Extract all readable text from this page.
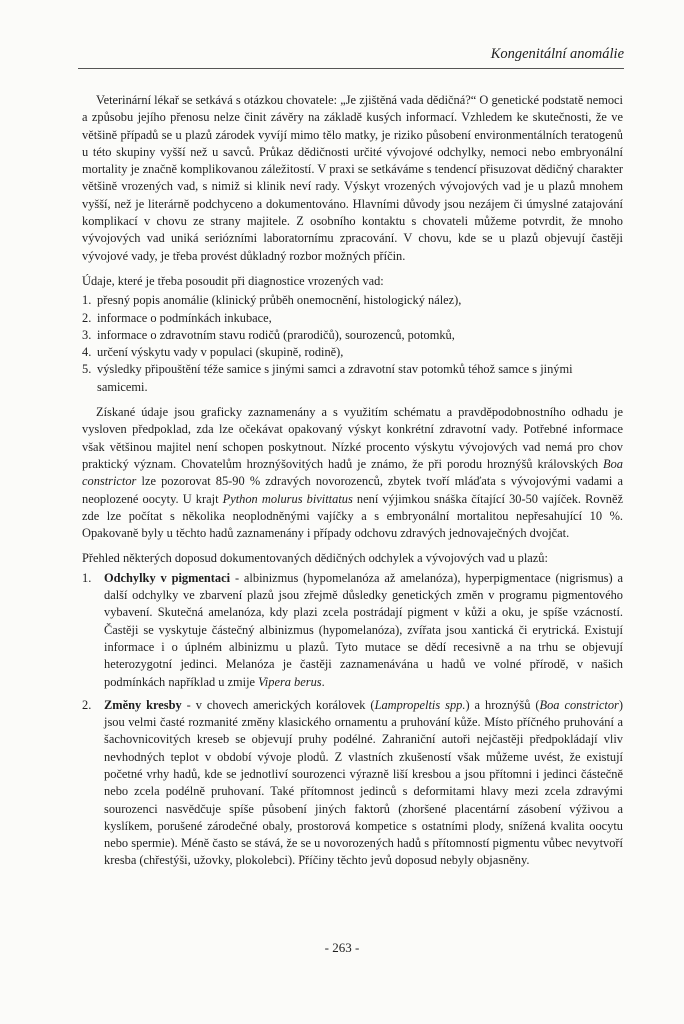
Kongenitální anomálie

Veterinární lékař se setkává s otázkou chovatele: „Je zjištěná vada dědičná?“ O genetické podstatě nemoci a způsobu jejího přenosu nelze činit závěry na základě kusých informací. Vzhledem ke skutečnosti, že ve většině případů se u plazů zárodek vyvíjí mimo tělo matky, je riziko působení environmentálních teratogenů u této skupiny vyšší než u savců. Průkaz dědičnosti určité vývojové odchylky, nemoci nebo embryonální mortality je značně komplikovanou záležitostí. V praxi se setkáváme s tendencí přisuzovat dědičný charakter většině vrozených vad, s nimiž si klinik neví rady. Výskyt vrozených vývojových vad je u plazů mnohem vyšší, než je literárně podchyceno a dokumentováno. Hlavními důvody jsou nezájem či úmyslné zatajování komplikací v chovu ze strany majitele. Z osobního kontaktu s chovateli můžeme potvrdit, že mnoho vývojových vad uniká seriózními laboratornímu zpracování. V chovu, kde se u plazů objevují častěji vývojové vady, je třeba provést důkladný rozbor možných příčin.

Údaje, které je třeba posoudit při diagnostice vrozených vad:

1. přesný popis anomálie (klinický průběh onemocnění, histologický nález),
2. informace o podmínkách inkubace,
3. informace o zdravotním stavu rodičů (prarodičů), sourozenců, potomků,
4. určení výskytu vady v populaci (skupině, rodině),
5. výsledky připouštění téže samice s jinými samci a zdravotní stav potomků téhož samce s jinými samicemi.

Získané údaje jsou graficky zaznamenány a s využitím schématu a pravděpodobnostního odhadu je vysloven předpoklad, zda lze očekávat opakovaný výskyt konkrétní zdravotní vady. Potřebné informace však většinou majitel není schopen poskytnout. Nízké procento výskytu vývojových vad nemá pro chov praktický význam. Chovatelům hroznýšovitých hadů je známo, že při porodu hroznýšů královských Boa constrictor lze pozorovat 85-90 % zdravých novorozenců, zbytek tvoří mláďata s vývojovými vadami a neoplozené oocyty. U krajt Python molurus bivittatus není výjimkou snáška čítající 30-50 vajíček. Rovněž zde lze počítat s několika neoplodněnými vajíčky a s embryonální mortalitou nepřesahující 10 %. Opakovaně byly u těchto hadů zaznamenány i případy odchovu zdravých jednovaječných dvojčat.

Přehled některých doposud dokumentovaných dědičných odchylek a vývojových vad u plazů:

1. Odchylky v pigmentaci - albinizmus (hypomelanóza až amelanóza), hyperpigmentace (nigrismus) a další odchylky ve zbarvení plazů jsou zřejmě důsledky genetických změn v programu pigmentového vybavení. Skutečná amelanóza, kdy plazi zcela postrádají pigment v kůži a oku, je spíše vzácností. Častěji se vyskytuje částečný albinizmus (hypomelanóza), zvířata jsou xantická či erytrická. Existují informace i o úplném albinizmu u plazů. Tyto mutace se dědí recesivně a na trhu se objevují heterozygotní jedinci. Melanóza je častěji zaznamenávána u hadů ve volné přírodě, v našich podmínkách například u zmije Vipera berus.
2. Změny kresby - v chovech amerických korálovek (Lampropeltis spp.) a hroznýšů (Boa constrictor) jsou velmi časté rozmanité změny klasického ornamentu a pruhování kůže. Místo příčného pruhování a šachovnicovitých kreseb se objevují pruhy podélné. Zahraniční autoři nejčastěji předpokládají vliv nevhodných teplot v období vývoje plodů. Z vlastních zkušeností však můžeme uvést, že existují početné vrhy hadů, kde se jednotliví sourozenci výrazně liší kresbou a jsou přítomni i jedinci částečně nebo zcela podélně pruhovaní. Také přítomnost jedinců s deformitami hlavy mezi zcela zdravými sourozenci nasvědčuje spíše působení jiných faktorů (zhoršené placentární zásobení výživou a kyslíkem, porušené zárodečné obaly, prostorová kompetice s ostatními plody, snížená kvalita oocytu nebo spermie). Méně často se stává, že se u novorozených hadů s přítomností pigmentu vůbec nevytvoří kresba (chřestýši, užovky, plokolebci). Příčiny těchto jevů doposud nebyly objasněny.
- 263 -
